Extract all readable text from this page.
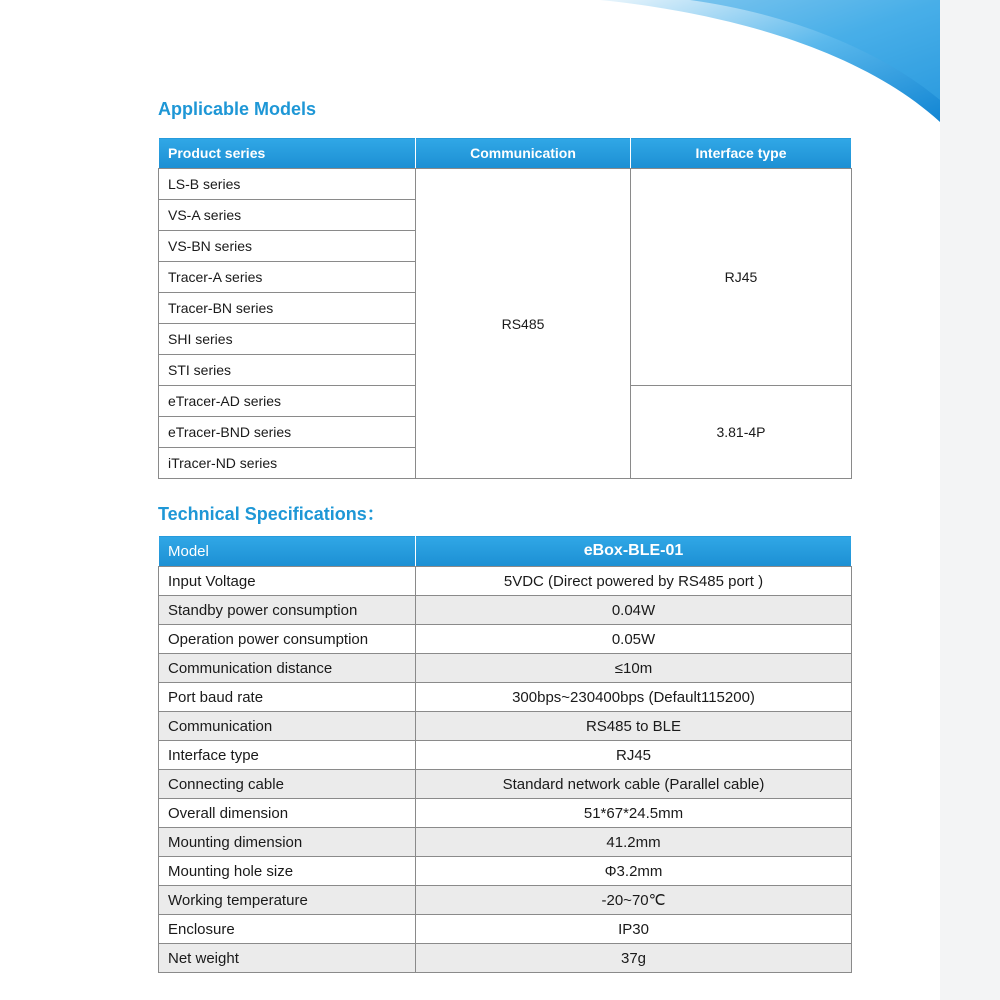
Applicable Models
Product series	Communication	Interface type
LS-B series	RS485	RJ45
VS-A series		
VS-BN series		
Tracer-A series		
Tracer-BN series		
SHI series		
STI series		
eTracer-AD series		3.81-4P
eTracer-BND series		
iTracer-ND series		
Technical Specifications：
Model	eBox-BLE-01
Input Voltage	5VDC (Direct powered by RS485 port )
Standby power consumption	0.04W
Operation power consumption	0.05W
Communication distance	≤10m
Port baud rate	300bps~230400bps (Default115200)
Communication	RS485 to BLE
Interface type	RJ45
Connecting cable	Standard network cable (Parallel cable)
Overall dimension	51*67*24.5mm
Mounting dimension	41.2mm
Mounting hole size	Φ3.2mm
Working temperature	-20~70℃
Enclosure	IP30
Net weight	37g
